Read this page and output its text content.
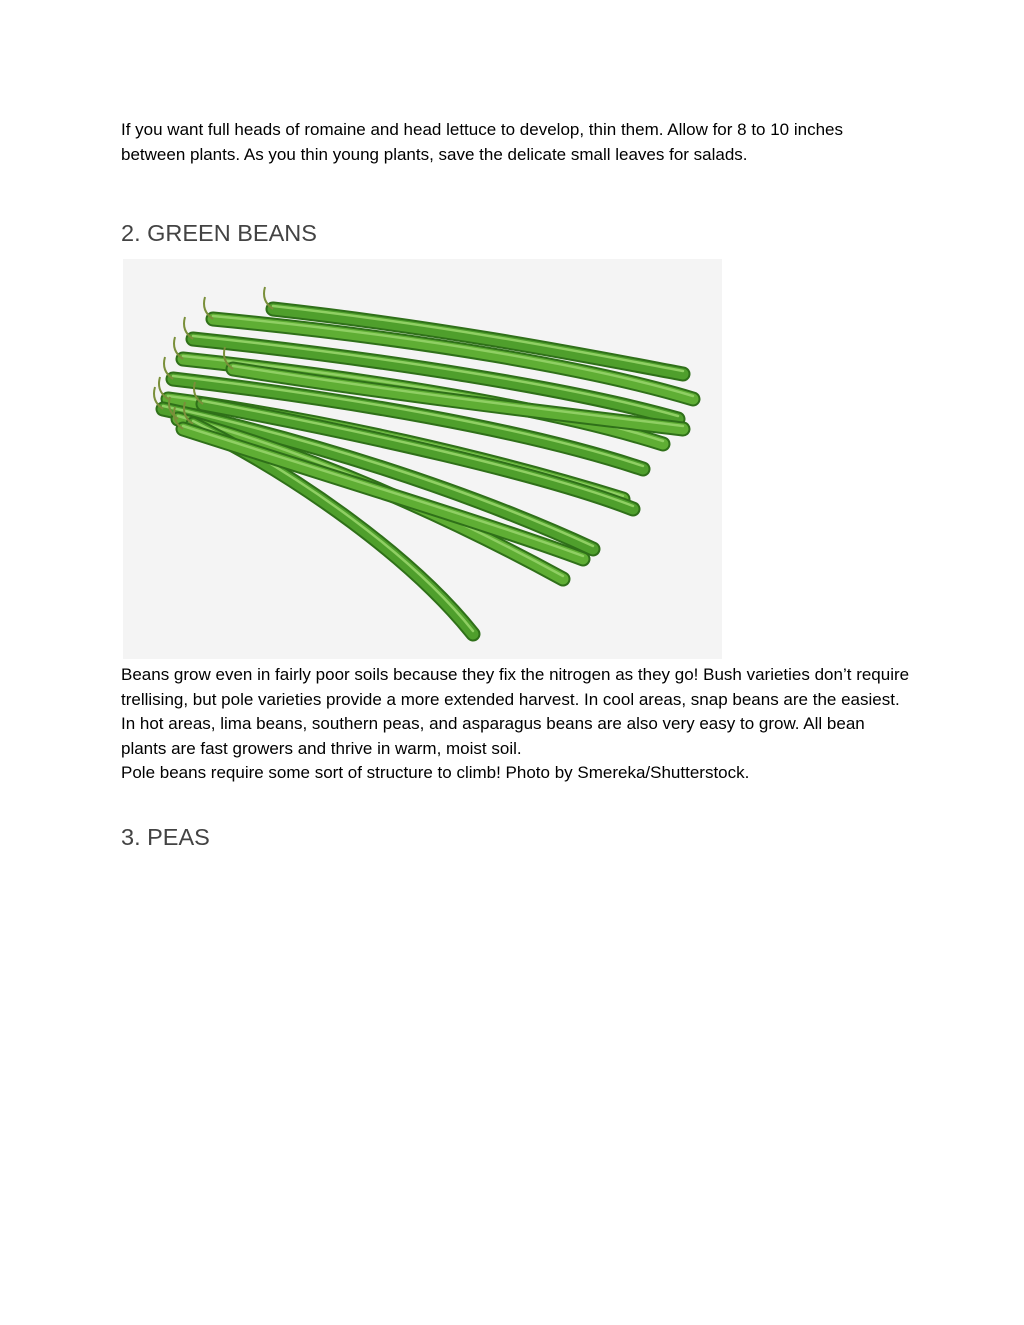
If you want full heads of romaine and head lettuce to develop, thin them. Allow for 8 to 10 inches between plants. As you thin young plants, save the delicate small leaves for salads.

2. GREEN BEANS

Beans grow even in fairly poor soils because they fix the nitrogen as they go! Bush varieties don’t require trellising, but pole varieties provide a more extended harvest. In cool areas, snap beans are the easiest. In hot areas, lima beans, southern peas, and asparagus beans are also very easy to grow. All bean plants are fast growers and thrive in warm, moist soil.
Pole beans require some sort of structure to climb! Photo by Smereka/Shutterstock.

3. PEAS
